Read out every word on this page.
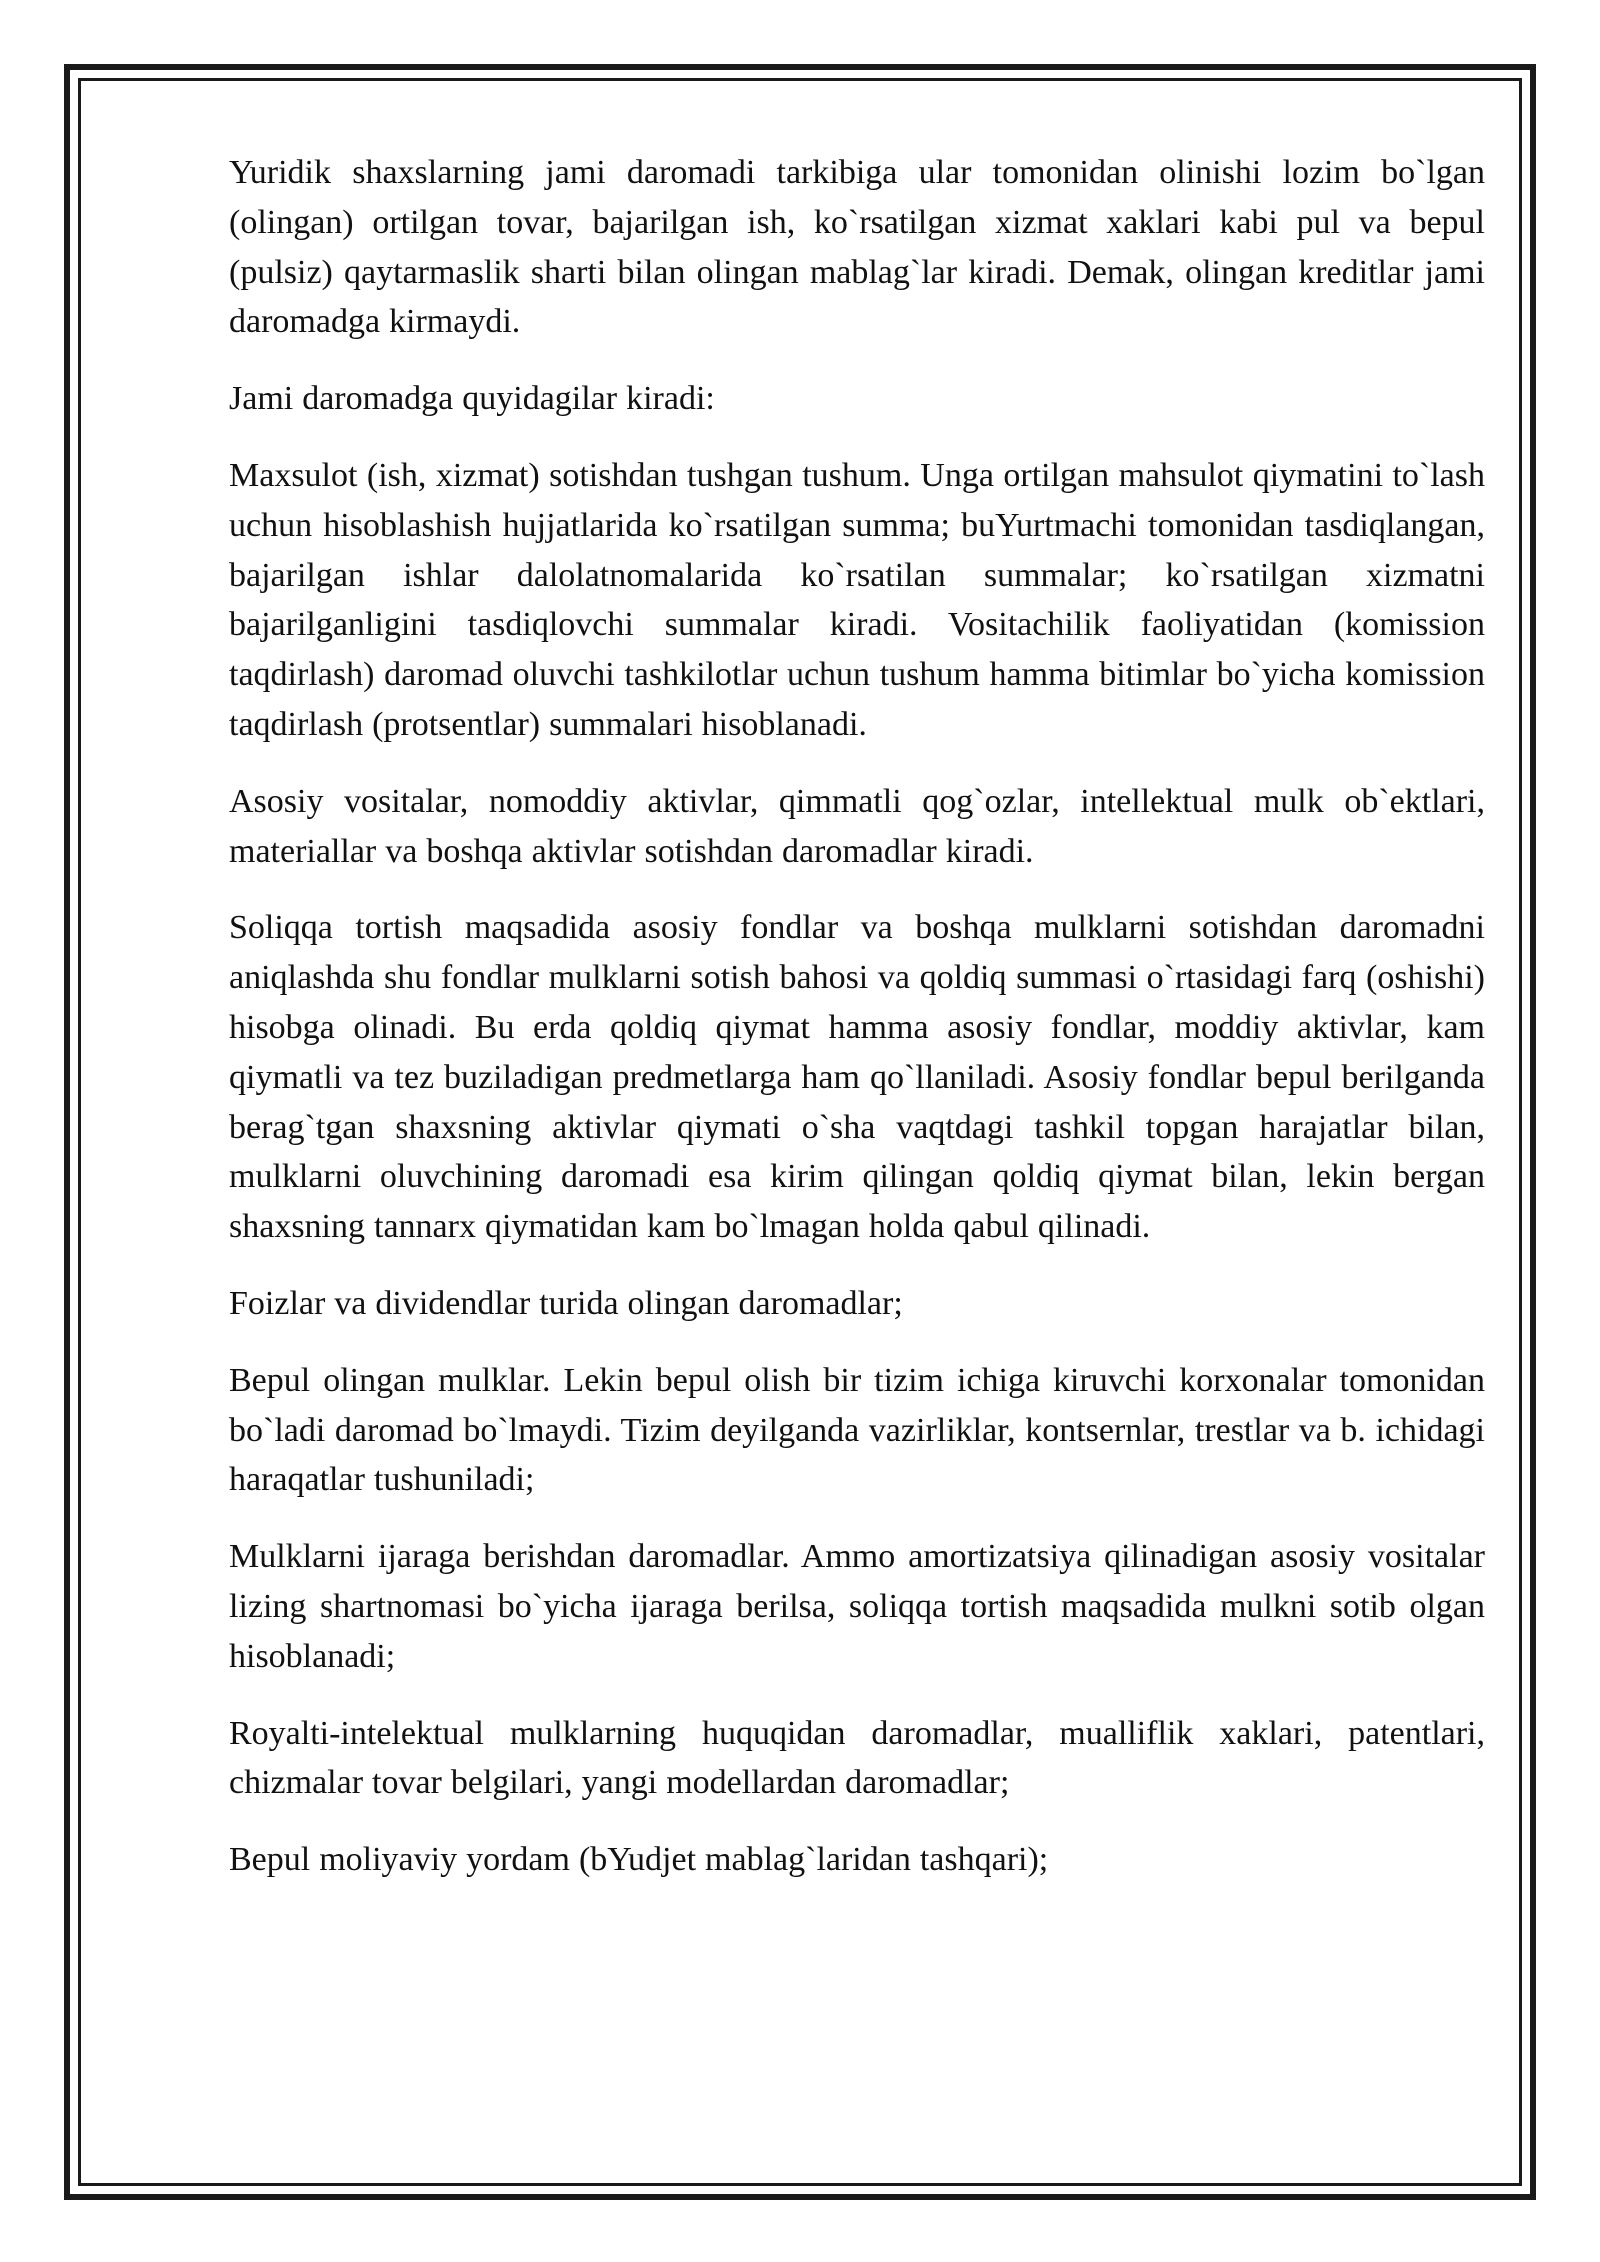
Yuridik shaxslarning jami daromadi tarkibiga ular tomonidan olinishi lozim bo`lgan (olingan) ortilgan tovar, bajarilgan ish, ko`rsatilgan xizmat xaklari kabi pul va bepul (pulsiz) qaytarmaslik sharti bilan olingan mablag`lar kiradi. Demak, olingan kreditlar jami daromadga kirmaydi.

Jami daromadga quyidagilar kiradi:

Maxsulot (ish, xizmat) sotishdan tushgan tushum. Unga ortilgan mahsulot qiymatini to`lash uchun hisoblashish hujjatlarida ko`rsatilgan summa; buYurtmachi tomonidan tasdiqlangan, bajarilgan ishlar dalolatnomalarida ko`rsatilan summalar; ko`rsatilgan xizmatni bajarilganligini tasdiqlovchi summalar kiradi. Vositachilik faoliyatidan (komission taqdirlash) daromad oluvchi tashkilotlar uchun tushum hamma bitimlar bo`yicha komission taqdirlash (protsentlar) summalari hisoblanadi.

Asosiy vositalar, nomoddiy aktivlar, qimmatli qog`ozlar, intellektual mulk ob`ektlari, materiallar va boshqa aktivlar sotishdan daromadlar kiradi.

Soliqqa tortish maqsadida asosiy fondlar va boshqa mulklarni sotishdan daromadni aniqlashda shu fondlar mulklarni sotish bahosi va qoldiq summasi o`rtasidagi farq (oshishi) hisobga olinadi. Bu erda qoldiq qiymat hamma asosiy fondlar, moddiy aktivlar, kam qiymatli va tez buziladigan predmetlarga ham qo`llaniladi. Asosiy fondlar bepul berilganda berag`tgan shaxsning aktivlar qiymati o`sha vaqtdagi tashkil topgan harajatlar bilan, mulklarni oluvchining daromadi esa kirim qilingan qoldiq qiymat bilan, lekin bergan shaxsning tannarx qiymatidan kam bo`lmagan holda qabul qilinadi.

Foizlar va dividendlar turida olingan daromadlar;

Bepul olingan mulklar. Lekin bepul olish bir tizim ichiga kiruvchi korxonalar tomonidan bo`ladi daromad bo`lmaydi. Tizim deyilganda vazirliklar, kontsernlar, trestlar va b. ichidagi haraqatlar tushuniladi;

Mulklarni ijaraga berishdan daromadlar. Ammo amortizatsiya qilinadigan asosiy vositalar lizing shartnomasi bo`yicha ijaraga berilsa, soliqqa tortish maqsadida mulkni sotib olgan hisoblanadi;

Royalti-intelektual mulklarning huquqidan daromadlar, mualliflik xaklari, patentlari, chizmalar tovar belgilari, yangi modellardan daromadlar;

Bepul moliyaviy yordam (bYudjet mablag`laridan tashqari);
